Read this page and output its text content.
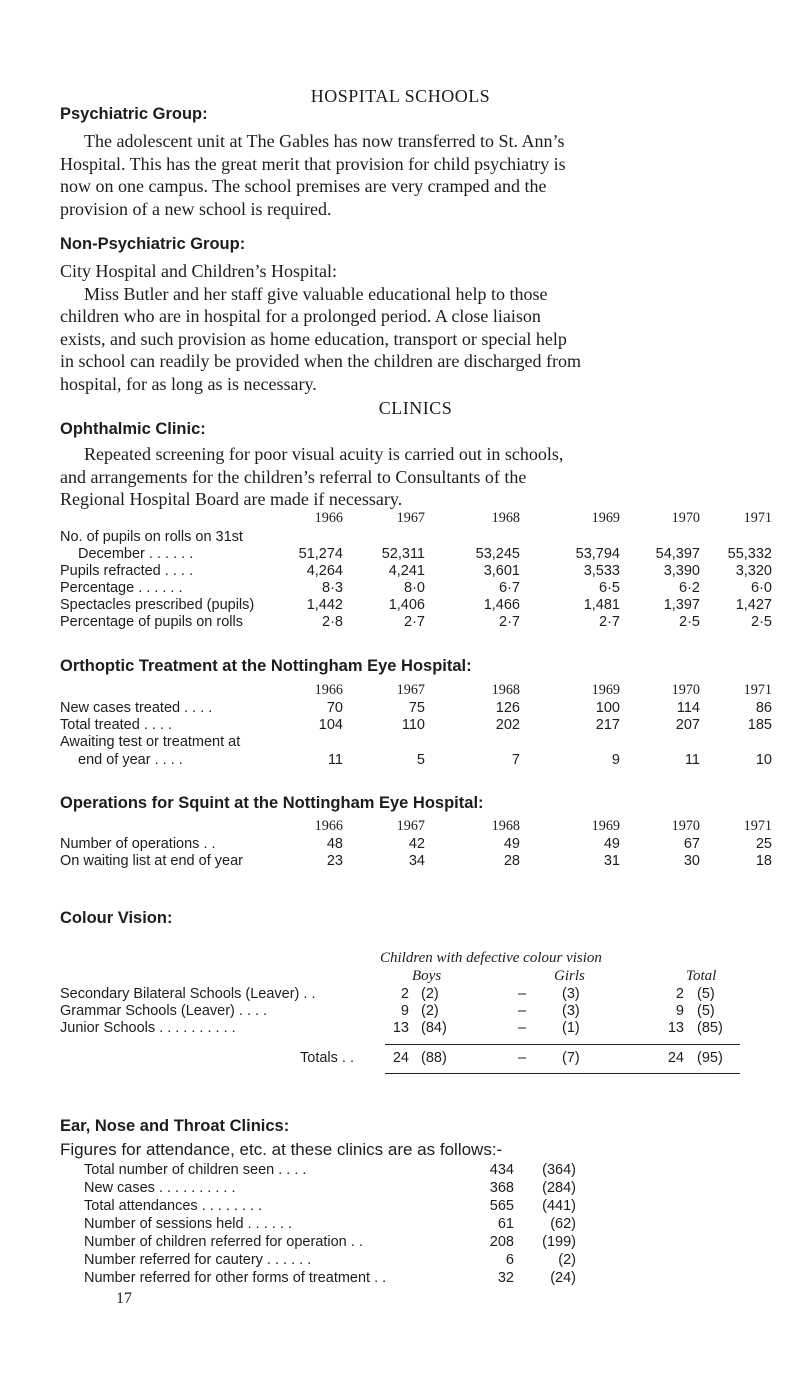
HOSPITAL SCHOOLS
Psychiatric Group:
The adolescent unit at The Gables has now transferred to St. Ann’s
Hospital. This has the great merit that provision for child psychiatry is
now on one campus. The school premises are very cramped and the
provision of a new school is required.
Non-Psychiatric Group:
City Hospital and Children’s Hospital:
Miss Butler and her staff give valuable educational help to those
children who are in hospital for a prolonged period. A close liaison
exists, and such provision as home education, transport or special help
in school can readily be provided when the children are discharged from
hospital, for as long as is necessary.
CLINICS
Ophthalmic Clinic:
Repeated screening for poor visual acuity is carried out in schools,
and arrangements for the children’s referral to Consultants of the
Regional Hospital Board are made if necessary.
1966	1967	1968	1969	1970	1971
No. of pupils on rolls on 31st
December . . . . . .	51,274	52,311	53,245	53,794	54,397	55,332
Pupils refracted . . . .	4,264	4,241	3,601	3,533	3,390	3,320
Percentage . . . . . .	8·3	8·0	6·7	6·5	6·2	6·0
Spectacles prescribed (pupils)	1,442	1,406	1,466	1,481	1,397	1,427
Percentage of pupils on rolls	2·8	2·7	2·7	2·7	2·5	2·5
Orthoptic Treatment at the Nottingham Eye Hospital:
1966	1967	1968	1969	1970	1971
New cases treated . . . .	70	75	126	100	114	86
Total treated . . . .	104	110	202	217	207	185
Awaiting test or treatment at
end of year . . . .	11	5	7	9	11	10
Operations for Squint at the Nottingham Eye Hospital:
1966	1967	1968	1969	1970	1971
Number of operations . .	48	42	49	49	67	25
On waiting list at end of year	23	34	28	31	30	18
Colour Vision:
Children with defective colour vision
Boys	Girls	Total
Secondary Bilateral Schools (Leaver) . .	2 (2)	– (3)	2 (5)
Grammar Schools (Leaver) . . . .	9 (2)	– (3)	9 (5)
Junior Schools . . . . . . . . . .	13 (84)	– (1)	13 (85)
Totals . .	24 (88)	– (7)	24 (95)
Ear, Nose and Throat Clinics:
Figures for attendance, etc. at these clinics are as follows:-
Total number of children seen . . . .	434	(364)
New cases . . . . . . . . . .	368	(284)
Total attendances . . . . . . . .	565	(441)
Number of sessions held . . . . . .	61	(62)
Number of children referred for operation . .	208	(199)
Number referred for cautery . . . . . .	6	(2)
Number referred for other forms of treatment . .	32	(24)
17
